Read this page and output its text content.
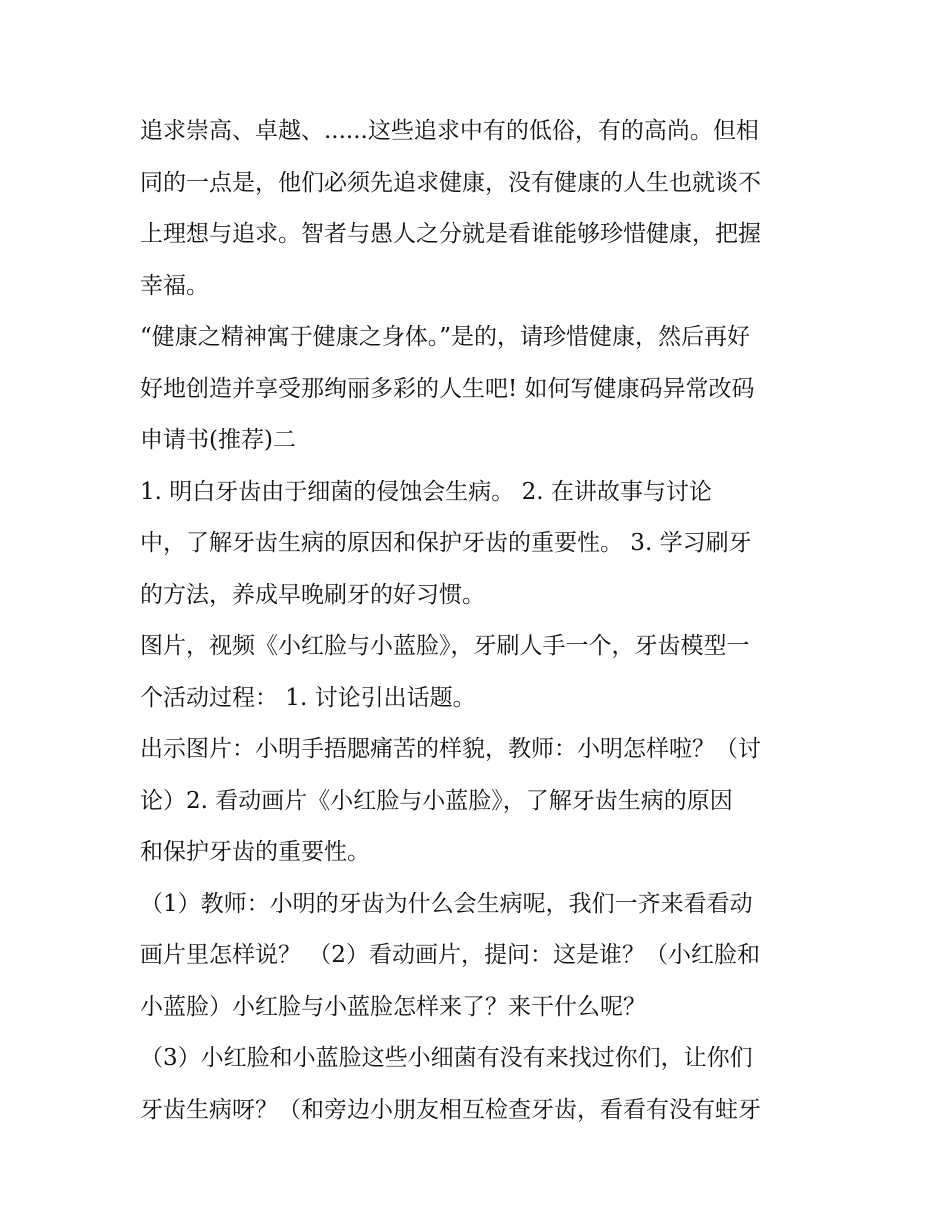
追求崇高、卓越、......这些追求中有的低俗，有的高尚。但相
同的一点是，他们必须先追求健康，没有健康的人生也就谈不
上理想与追求。智者与愚人之分就是看谁能够珍惜健康，把握
幸福。
“健康之精神寓于健康之身体。”是的，请珍惜健康，然后再好
好地创造并享受那绚丽多彩的人生吧! 如何写健康码异常改码
申请书(推荐)二
1. 明白牙齿由于细菌的侵蚀会生病。 2. 在讲故事与讨论
中，了解牙齿生病的原因和保护牙齿的重要性。 3. 学习刷牙
的方法，养成早晚刷牙的好习惯。
图片，视频《小红脸与小蓝脸》，牙刷人手一个，牙齿模型一
个活动过程： 1. 讨论引出话题。
出示图片：小明手捂腮痛苦的样貌，教师：小明怎样啦？（讨
论）2. 看动画片《小红脸与小蓝脸》，了解牙齿生病的原因
和保护牙齿的重要性。
（1）教师：小明的牙齿为什么会生病呢，我们一齐来看看动
画片里怎样说？ （2）看动画片，提问：这是谁？（小红脸和
小蓝脸）小红脸与小蓝脸怎样来了？来干什么呢？
（3）小红脸和小蓝脸这些小细菌有没有来找过你们，让你们
牙齿生病呀？（和旁边小朋友相互检查牙齿，看看有没有蛀牙
